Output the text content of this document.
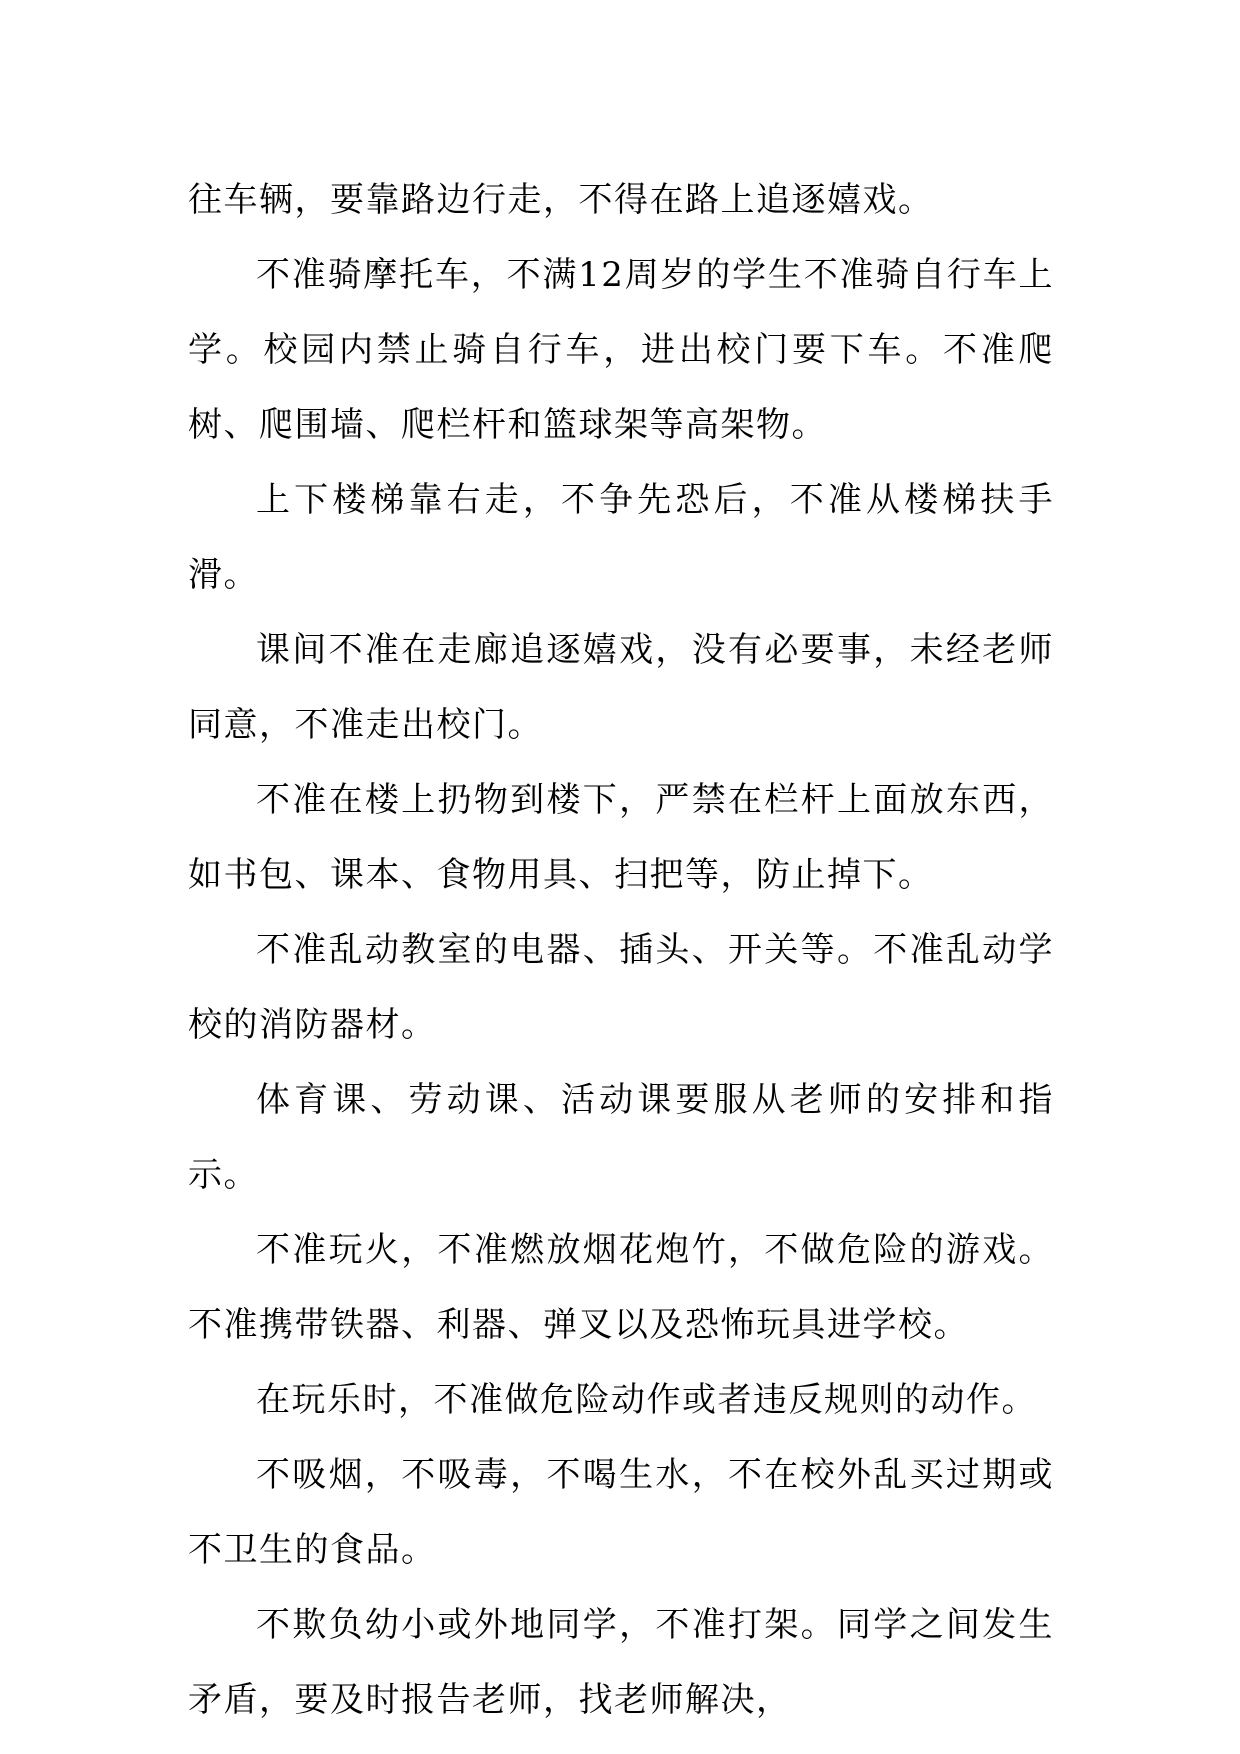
往车辆，要靠路边行走，不得在路上追逐嬉戏。

不准骑摩托车，不满12周岁的学生不准骑自行车上学。校园内禁止骑自行车，进出校门要下车。不准爬树、爬围墙、爬栏杆和篮球架等高架物。

上下楼梯靠右走，不争先恐后，不准从楼梯扶手滑。

课间不准在走廊追逐嬉戏，没有必要事，未经老师同意，不准走出校门。

不准在楼上扔物到楼下，严禁在栏杆上面放东西，如书包、课本、食物用具、扫把等，防止掉下。

不准乱动教室的电器、插头、开关等。不准乱动学校的消防器材。

体育课、劳动课、活动课要服从老师的安排和指示。

不准玩火，不准燃放烟花炮竹，不做危险的游戏。不准携带铁器、利器、弹叉以及恐怖玩具进学校。

在玩乐时，不准做危险动作或者违反规则的动作。

不吸烟，不吸毒，不喝生水，不在校外乱买过期或不卫生的食品。

不欺负幼小或外地同学，不准打架。同学之间发生矛盾，要及时报告老师，找老师解决，
